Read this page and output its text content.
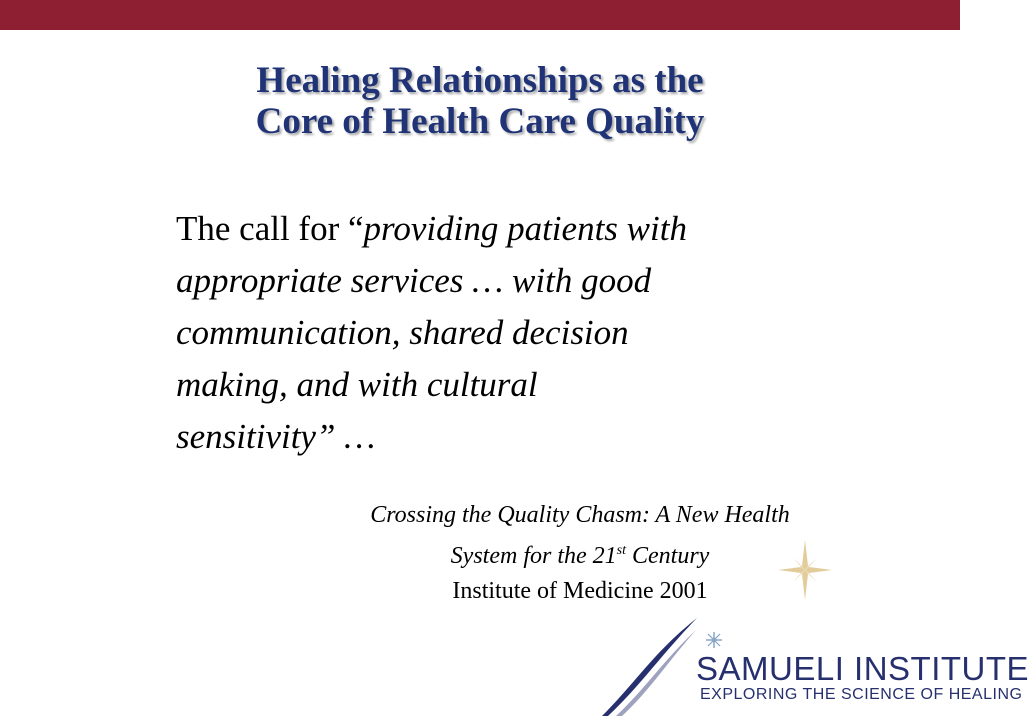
Healing Relationships as the
Core of Health Care Quality
The call for “providing patients with
appropriate services … with good
communication, shared decision
making, and with cultural
sensitivity” …
Crossing the Quality Chasm: A New Health
System for the 21st Century
Institute of Medicine 2001
SAMUELI INSTITUTE
EXPLORING THE SCIENCE OF HEALING
